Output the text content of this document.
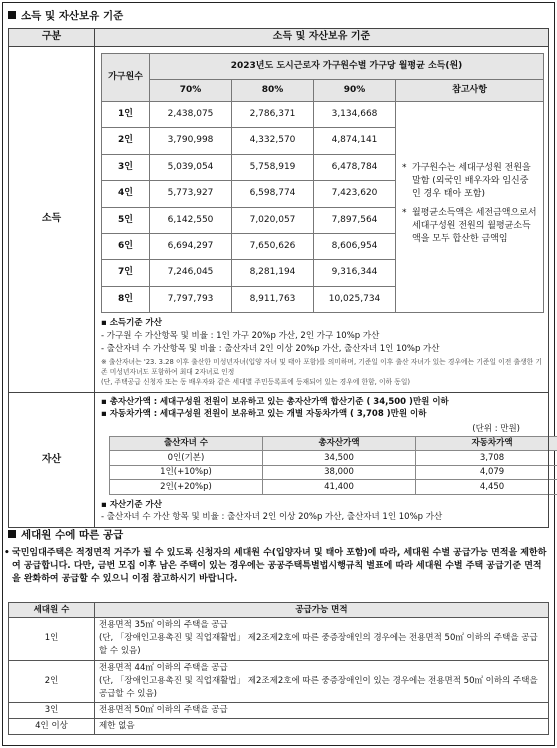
소득 및 자산보유 기준
구분	소득 및 자산보유 기준
소득	
가구원수	2023년도 도시근로자 가구원수별 가구당 월평균 소득(원)
70%	80%	90%	참고사항
1인	2,438,075	2,786,371	3,134,668	
* 가구원수는 세대구성원 전원을 말함 (외국인 배우자와 임신중인 경우 태아 포함)
* 월평균소득액은 세전금액으로서 세대구성원 전원의 월평균소득액을 모두 합산한 금액임

2인	3,790,998	4,332,570	4,874,141
3인	5,039,054	5,758,919	6,478,784
4인	5,773,927	6,598,774	7,423,620
5인	6,142,550	7,020,057	7,897,564
6인	6,694,297	7,650,626	8,606,954
7인	7,246,045	8,281,194	9,316,344
8인	7,797,793	8,911,763	10,025,734
▪ 소득기준 가산
- 가구원 수 가산항목 및 비율 : 1인 가구 20%p 가산, 2인 가구 10%p 가산
- 출산자녀 수 가산항목 및 비율 : 출산자녀 2인 이상 20%p 가산, 출산자녀 1인 10%p 가산
※ 출산자녀는 '23. 3.28 이후 출산한 미성년자녀(입양 자녀 및 태아 포함)를 의미하며, 기준일 이후 출산 자녀가 있는 경우에는 기준일 이전 출생한 기존 미성년자녀도 포함하여 최대 2자녀로 인정
(단, 주택공급 신청자 또는 동 배우자와 같은 세대별 주민등록표에 등재되어 있는 경우에 한함, 이하 동일)

자산	
▪ 총자산가액 : 세대구성원 전원이 보유하고 있는 총자산가액 합산기준 ( 34,500 )만원 이하
▪ 자동차가액 : 세대구성원 전원이 보유하고 있는 개별 자동차가액 ( 3,708 )만원 이하
(단위 : 만원)
출산자녀 수	총자산가액	자동차가액
0인(기본)	34,500	3,708
1인(+10%p)	38,000	4,079
2인(+20%p)	41,400	4,450
▪ 자산기준 가산
- 출산자녀 수 가산 항목 및 비율 : 출산자녀 2인 이상 20%p 가산, 출산자녀 1인 10%p 가산
세대원 수에 따른 공급
• 국민임대주택은 적정면적 거주가 될 수 있도록 신청자의 세대원 수(입양자녀 및 태아 포함)에 따라, 세대원 수별 공급가능 면적을 제한하여 공급합니다. 다만, 금번 모집 이후 남은 주택이 있는 경우에는 공공주택특별법시행규칙 별표에 따라 세대원 수별 주택 공급기준 면적을 완화하여 공급할 수 있으니 이점 참고하시기 바랍니다.
세대원 수	공급가능 면적
1인	전용면적 35㎡ 이하의 주택을 공급
(단, 「장애인고용촉진 및 직업재활법」 제2조제2호에 따른 중증장애인의 경우에는 전용면적 50㎡ 이하의 주택을 공급할 수 있음)

2인	전용면적 44㎡ 이하의 주택을 공급
(단, 「장애인고용촉진 및 직업재활법」 제2조제2호에 따른 중증장애인이 있는 경우에는 전용면적 50㎡ 이하의 주택을 공급할 수 있음)

3인	전용면적 50㎡ 이하의 주택을 공급

4인 이상	제한 없음
